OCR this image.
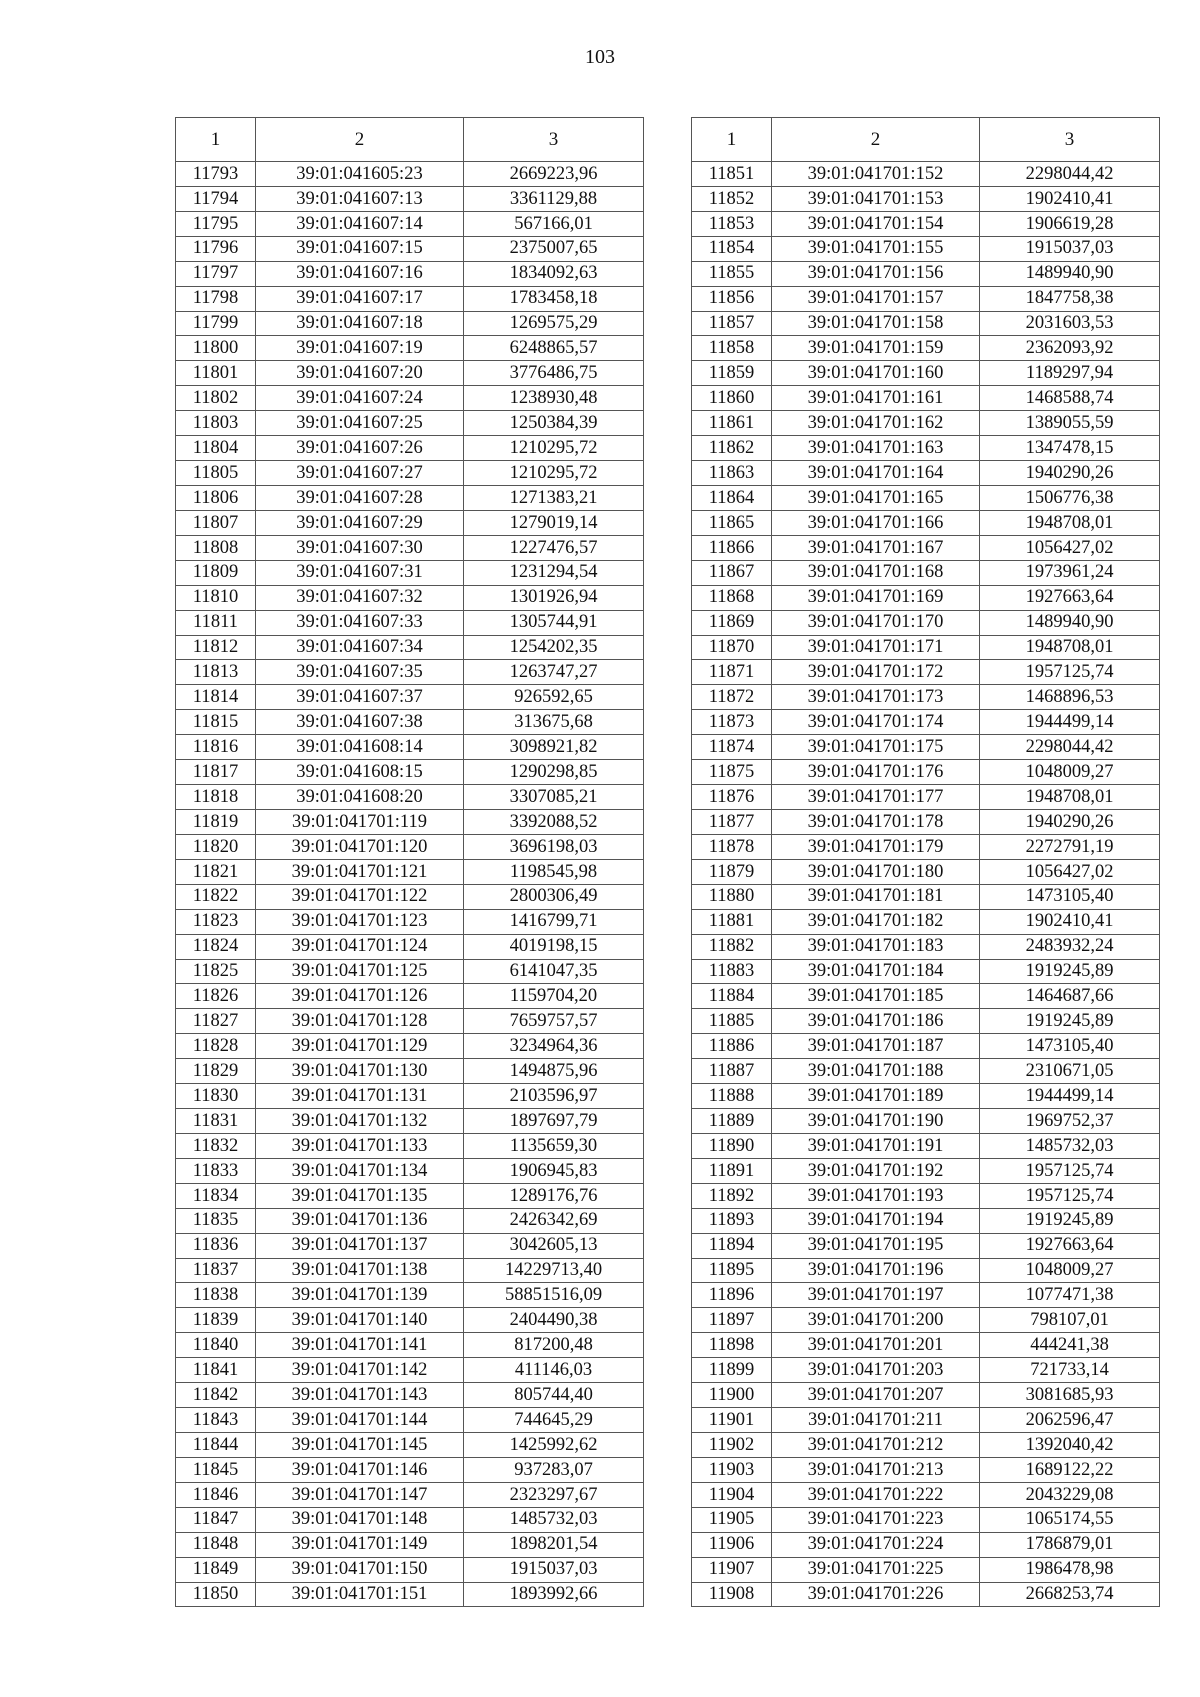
103
1	2	3
11793	39:01:041605:23	2669223,96
11794	39:01:041607:13	3361129,88
11795	39:01:041607:14	567166,01
11796	39:01:041607:15	2375007,65
11797	39:01:041607:16	1834092,63
11798	39:01:041607:17	1783458,18
11799	39:01:041607:18	1269575,29
11800	39:01:041607:19	6248865,57
11801	39:01:041607:20	3776486,75
11802	39:01:041607:24	1238930,48
11803	39:01:041607:25	1250384,39
11804	39:01:041607:26	1210295,72
11805	39:01:041607:27	1210295,72
11806	39:01:041607:28	1271383,21
11807	39:01:041607:29	1279019,14
11808	39:01:041607:30	1227476,57
11809	39:01:041607:31	1231294,54
11810	39:01:041607:32	1301926,94
11811	39:01:041607:33	1305744,91
11812	39:01:041607:34	1254202,35
11813	39:01:041607:35	1263747,27
11814	39:01:041607:37	926592,65
11815	39:01:041607:38	313675,68
11816	39:01:041608:14	3098921,82
11817	39:01:041608:15	1290298,85
11818	39:01:041608:20	3307085,21
11819	39:01:041701:119	3392088,52
11820	39:01:041701:120	3696198,03
11821	39:01:041701:121	1198545,98
11822	39:01:041701:122	2800306,49
11823	39:01:041701:123	1416799,71
11824	39:01:041701:124	4019198,15
11825	39:01:041701:125	6141047,35
11826	39:01:041701:126	1159704,20
11827	39:01:041701:128	7659757,57
11828	39:01:041701:129	3234964,36
11829	39:01:041701:130	1494875,96
11830	39:01:041701:131	2103596,97
11831	39:01:041701:132	1897697,79
11832	39:01:041701:133	1135659,30
11833	39:01:041701:134	1906945,83
11834	39:01:041701:135	1289176,76
11835	39:01:041701:136	2426342,69
11836	39:01:041701:137	3042605,13
11837	39:01:041701:138	14229713,40
11838	39:01:041701:139	58851516,09
11839	39:01:041701:140	2404490,38
11840	39:01:041701:141	817200,48
11841	39:01:041701:142	411146,03
11842	39:01:041701:143	805744,40
11843	39:01:041701:144	744645,29
11844	39:01:041701:145	1425992,62
11845	39:01:041701:146	937283,07
11846	39:01:041701:147	2323297,67
11847	39:01:041701:148	1485732,03
11848	39:01:041701:149	1898201,54
11849	39:01:041701:150	1915037,03
11850	39:01:041701:151	1893992,66
1	2	3
11851	39:01:041701:152	2298044,42
11852	39:01:041701:153	1902410,41
11853	39:01:041701:154	1906619,28
11854	39:01:041701:155	1915037,03
11855	39:01:041701:156	1489940,90
11856	39:01:041701:157	1847758,38
11857	39:01:041701:158	2031603,53
11858	39:01:041701:159	2362093,92
11859	39:01:041701:160	1189297,94
11860	39:01:041701:161	1468588,74
11861	39:01:041701:162	1389055,59
11862	39:01:041701:163	1347478,15
11863	39:01:041701:164	1940290,26
11864	39:01:041701:165	1506776,38
11865	39:01:041701:166	1948708,01
11866	39:01:041701:167	1056427,02
11867	39:01:041701:168	1973961,24
11868	39:01:041701:169	1927663,64
11869	39:01:041701:170	1489940,90
11870	39:01:041701:171	1948708,01
11871	39:01:041701:172	1957125,74
11872	39:01:041701:173	1468896,53
11873	39:01:041701:174	1944499,14
11874	39:01:041701:175	2298044,42
11875	39:01:041701:176	1048009,27
11876	39:01:041701:177	1948708,01
11877	39:01:041701:178	1940290,26
11878	39:01:041701:179	2272791,19
11879	39:01:041701:180	1056427,02
11880	39:01:041701:181	1473105,40
11881	39:01:041701:182	1902410,41
11882	39:01:041701:183	2483932,24
11883	39:01:041701:184	1919245,89
11884	39:01:041701:185	1464687,66
11885	39:01:041701:186	1919245,89
11886	39:01:041701:187	1473105,40
11887	39:01:041701:188	2310671,05
11888	39:01:041701:189	1944499,14
11889	39:01:041701:190	1969752,37
11890	39:01:041701:191	1485732,03
11891	39:01:041701:192	1957125,74
11892	39:01:041701:193	1957125,74
11893	39:01:041701:194	1919245,89
11894	39:01:041701:195	1927663,64
11895	39:01:041701:196	1048009,27
11896	39:01:041701:197	1077471,38
11897	39:01:041701:200	798107,01
11898	39:01:041701:201	444241,38
11899	39:01:041701:203	721733,14
11900	39:01:041701:207	3081685,93
11901	39:01:041701:211	2062596,47
11902	39:01:041701:212	1392040,42
11903	39:01:041701:213	1689122,22
11904	39:01:041701:222	2043229,08
11905	39:01:041701:223	1065174,55
11906	39:01:041701:224	1786879,01
11907	39:01:041701:225	1986478,98
11908	39:01:041701:226	2668253,74
